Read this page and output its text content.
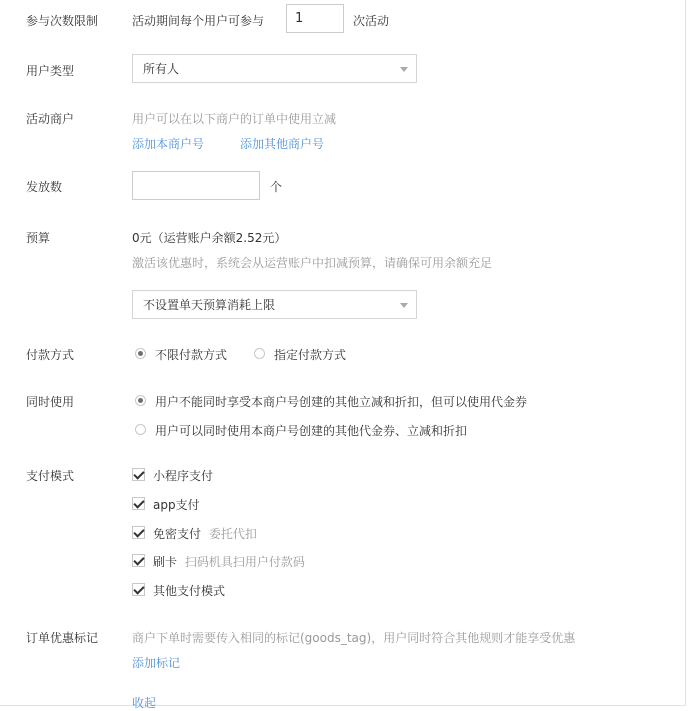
参与次数限制	活动期间每个用户可参与 1	次活动
用户类型	所有人
活动商户	用户可以在以下商户的订单中使用立减
添加本商户号	添加其他商户号
发放数	个
预算	0元（运营账户余额2.52元）
激活该优惠时，系统会从运营账户中扣减预算，请确保可用余额充足
不设置单天预算消耗上限
付款方式	不限付款方式	指定付款方式
同时使用	用户不能同时享受本商户号创建的其他立减和折扣，但可以使用代金券
用户可以同时使用本商户号创建的其他代金券、立减和折扣
支付模式	小程序支付
app支付
免密支付 委托代扣
刷卡 扫码机具扫用户付款码
其他支付模式
订单优惠标记	商户下单时需要传入相同的标记(goods_tag)，用户同时符合其他规则才能享受优惠
添加标记
收起
